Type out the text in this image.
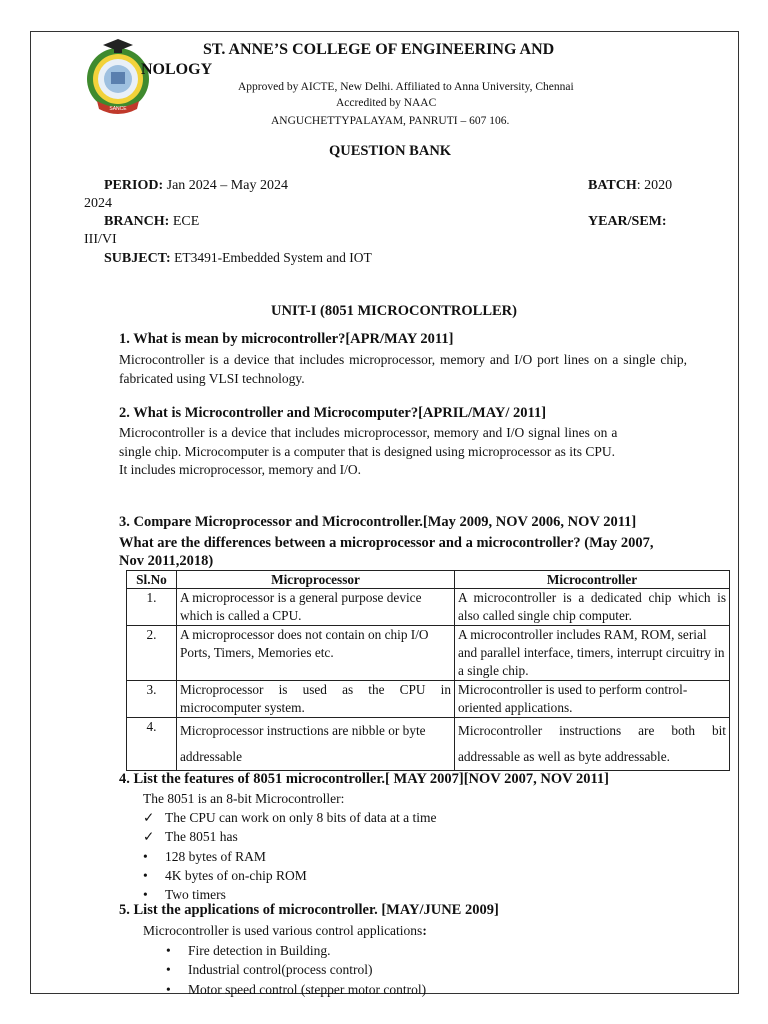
SANCE
ST. ANNE’S COLLEGE OF ENGINEERING AND
NOLOGY
Approved by AICTE, New Delhi. Affiliated to Anna University, Chennai
Accredited by NAAC
ANGUCHETTYPALAYAM, PANRUTI – 607 106.
QUESTION BANK
PERIOD: Jan 2024 – May 2024	BATCH: 2020
2024
BRANCH: ECE	YEAR/SEM:
III/VI
SUBJECT: ET3491-Embedded System and IOT
UNIT-I (8051 MICROCONTROLLER)
1. What is mean by microcontroller?[APR/MAY 2011]
Microcontroller is a device that includes microprocessor, memory and I/O port lines on a single chip, fabricated using VLSI technology.
2. What is Microcontroller and Microcomputer?[APRIL/MAY/ 2011]
Microcontroller is a device that includes microprocessor, memory and I/O signal lines on a
single chip. Microcomputer is a computer that is designed using microprocessor as its CPU.
It includes microprocessor, memory and I/O.
3. Compare Microprocessor and Microcontroller.[May 2009, NOV 2006, NOV 2011]
What are the differences between a microprocessor and a microcontroller? (May 2007,
Nov 2011,2018)
Sl.No	Microprocessor	Microcontroller
1.	A microprocessor is a general purpose device which is called a CPU.	A microcontroller is a dedicated chip which is also called single chip computer.
2.	A microprocessor does not contain on chip I/O Ports, Timers, Memories etc.	A microcontroller includes RAM, ROM, serial and parallel interface, timers, interrupt circuitry in a single chip.
3.	Microprocessor is used as the CPU in microcomputer system.	Microcontroller is used to perform control-oriented applications.
4.	Microprocessor instructions are nibble or byte addressable	Microcontroller instructions are both bit addressable as well as byte addressable.
4. List the features of 8051 microcontroller.[ MAY 2007][NOV 2007, NOV 2011]
The 8051 is an 8-bit Microcontroller:
✓ The CPU can work on only 8 bits of data at a time
✓ The 8051 has
• 128 bytes of RAM
• 4K bytes of on-chip ROM
• Two timers
5. List the applications of microcontroller. [MAY/JUNE 2009]
Microcontroller is used various control applications:
• Fire detection in Building.
• Industrial control(process control)
• Motor speed control (stepper motor control)
